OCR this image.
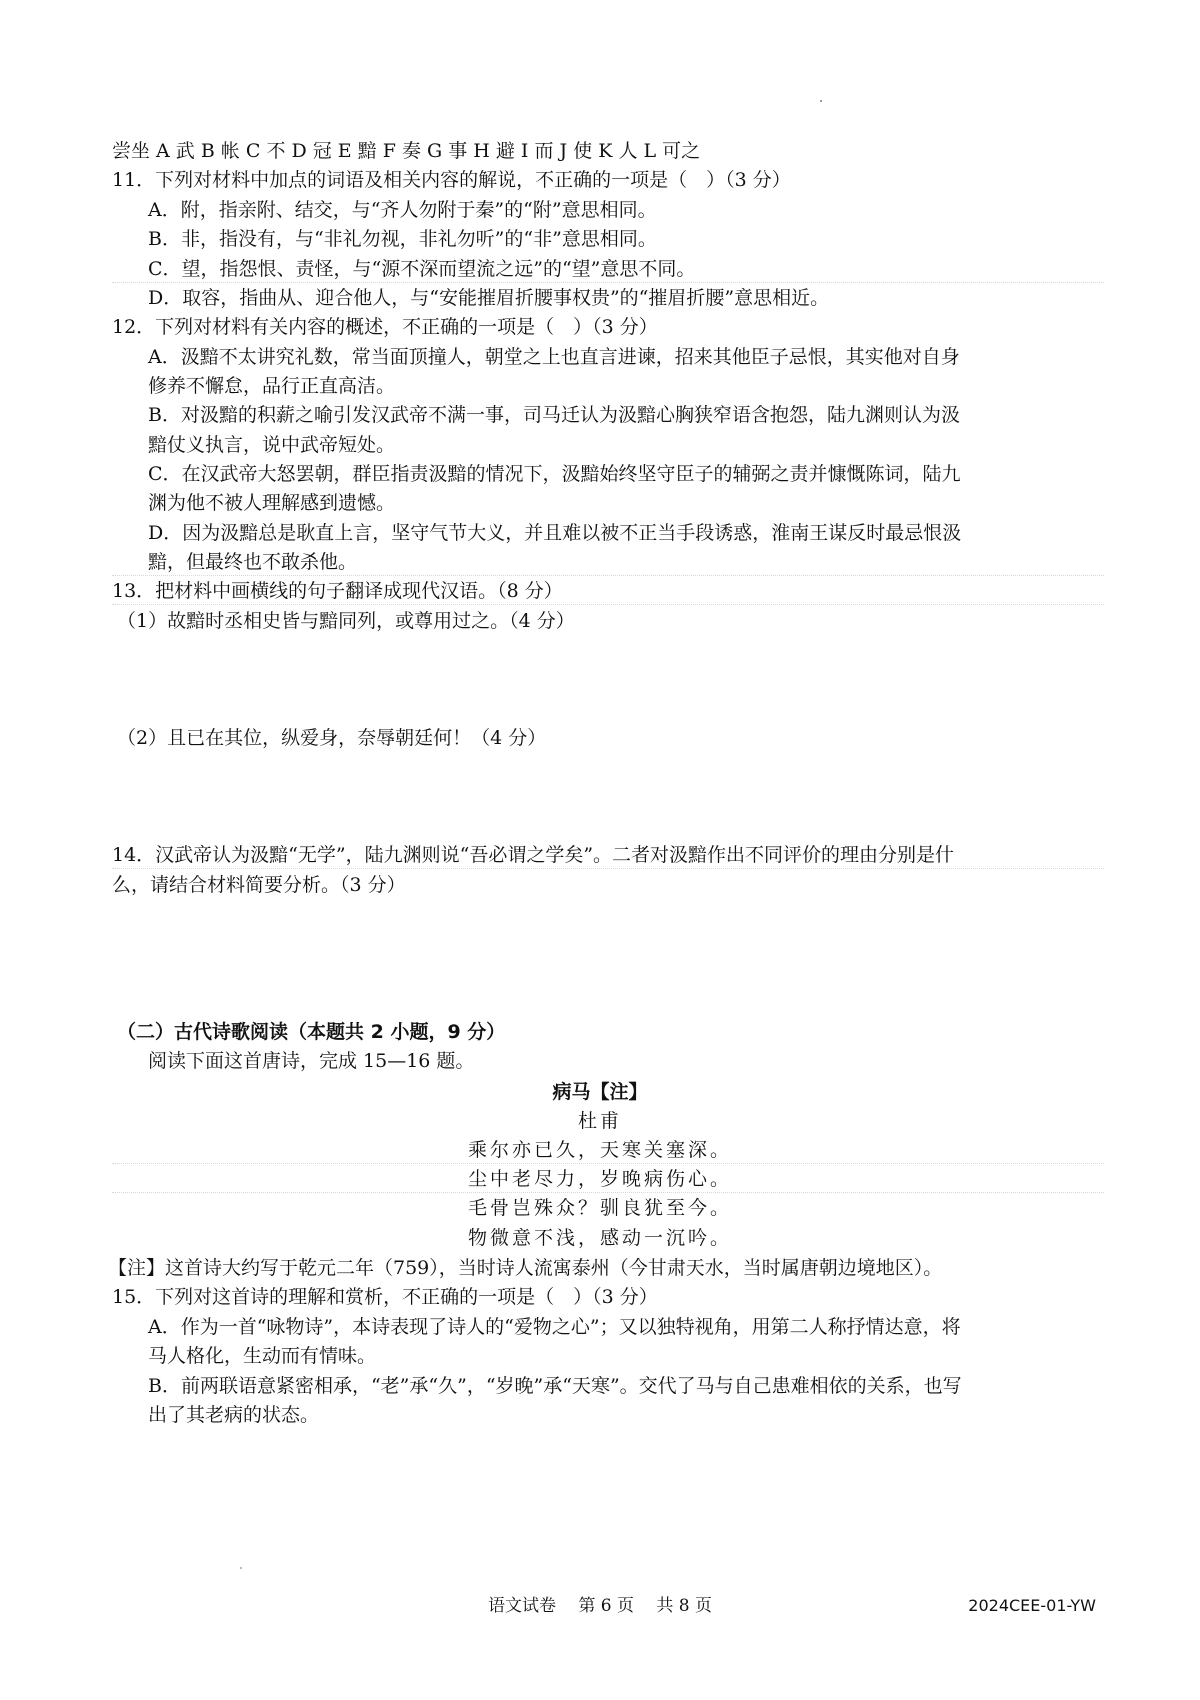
尝坐 A 武 B 帐 C 不 D 冠 E 黯 F 奏 G 事 H 避 I 而 J 使 K 人 L 可之
11．下列对材料中加点的词语及相关内容的解说，不正确的一项是（　）（3 分）
A．附，指亲附、结交，与“齐人勿附于秦”的“附”意思相同。
B．非，指没有，与“非礼勿视，非礼勿听”的“非”意思相同。
C．望，指怨恨、责怪，与“源不深而望流之远”的“望”意思不同。
D．取容，指曲从、迎合他人，与“安能摧眉折腰事权贵”的“摧眉折腰”意思相近。
12．下列对材料有关内容的概述，不正确的一项是（　）（3 分）
A．汲黯不太讲究礼数，常当面顶撞人，朝堂之上也直言进谏，招来其他臣子忌恨，其实他对自身
修养不懈怠，品行正直高洁。
B．对汲黯的积薪之喻引发汉武帝不满一事，司马迁认为汲黯心胸狭窄语含抱怨，陆九渊则认为汲
黯仗义执言，说中武帝短处。
C．在汉武帝大怒罢朝，群臣指责汲黯的情况下，汲黯始终坚守臣子的辅弼之责并慷慨陈词，陆九
渊为他不被人理解感到遗憾。
D．因为汲黯总是耿直上言，坚守气节大义，并且难以被不正当手段诱惑，淮南王谋反时最忌恨汲
黯，但最终也不敢杀他。
13．把材料中画横线的句子翻译成现代汉语。（8 分）
（1）故黯时丞相史皆与黯同列，或尊用过之。（4 分）
（2）且已在其位，纵爱身，奈辱朝廷何！（4 分）
14．汉武帝认为汲黯“无学”，陆九渊则说“吾必谓之学矣”。二者对汲黯作出不同评价的理由分别是什
么，请结合材料简要分析。（3 分）
（二）古代诗歌阅读（本题共 2 小题，9 分）
阅读下面这首唐诗，完成 15—16 题。
病马【注】
杜甫
乘尔亦已久，天寒关塞深。
尘中老尽力，岁晚病伤心。
毛骨岂殊众？驯良犹至今。
物微意不浅，感动一沉吟。
【注】这首诗大约写于乾元二年（759），当时诗人流寓泰州（今甘肃天水，当时属唐朝边境地区）。
15．下列对这首诗的理解和赏析，不正确的一项是（　）（3 分）
A．作为一首“咏物诗”，本诗表现了诗人的“爱物之心”；又以独特视角，用第二人称抒情达意，将
马人格化，生动而有情味。
B．前两联语意紧密相承，“老”承“久”，“岁晚”承“天寒”。交代了马与自己患难相依的关系，也写
出了其老病的状态。
语文试卷　 第 6 页　 共 8 页	2024CEE-01-YW
